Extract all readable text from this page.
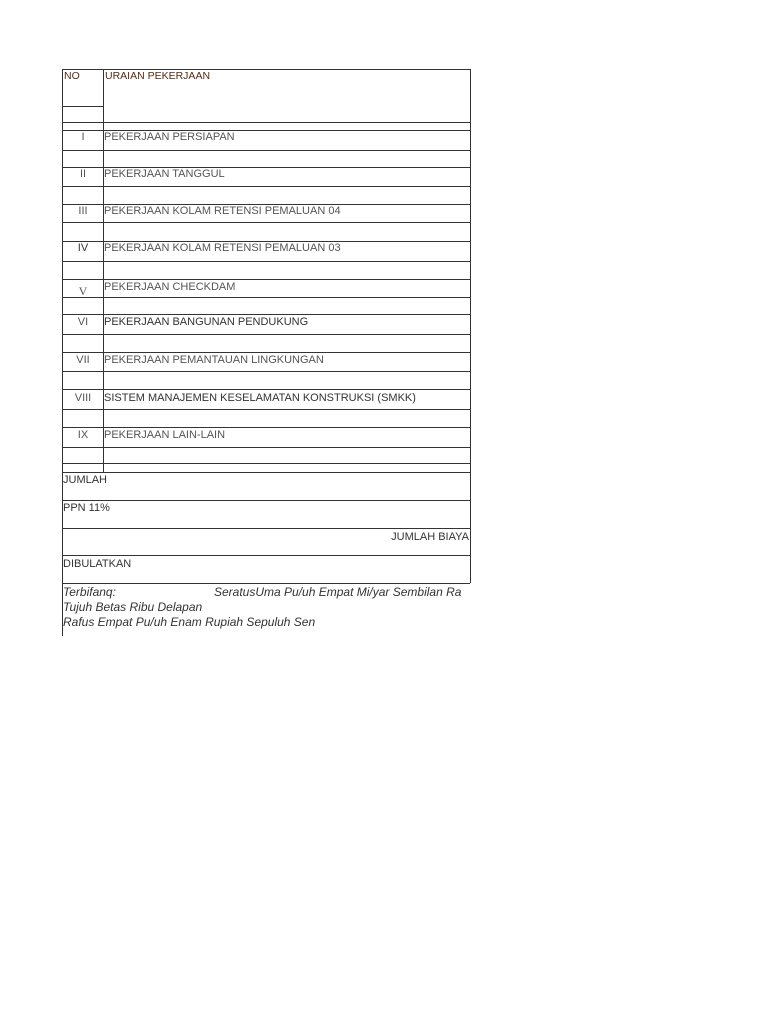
NO URAIAN PEKERJAAN
I	PEKERJAAN PERSIAPAN
II	PEKERJAAN TANGGUL
III	PEKERJAAN KOLAM RETENSI PEMALUAN 04
IV	PEKERJAAN KOLAM RETENSI PEMALUAN 03
V	PEKERJAAN CHECKDAM
VI	PEKERJAAN BANGUNAN PENDUKUNG
VII	PEKERJAAN PEMANTAUAN LINGKUNGAN
VIII	SISTEM MANAJEMEN KESELAMATAN KONSTRUKSI (SMKK)
IX	PEKERJAAN LAIN-LAIN
JUMLAH
PPN 11%
JUMLAH BIAYA
DIBULATKAN
Terbifanq:	SeratusUma Pu/uh Empat Mi/yar Sembilan Ra
Tujuh Betas Ribu Delapan
Rafus Empat Pu/uh Enam Rupiah Sepuluh Sen
